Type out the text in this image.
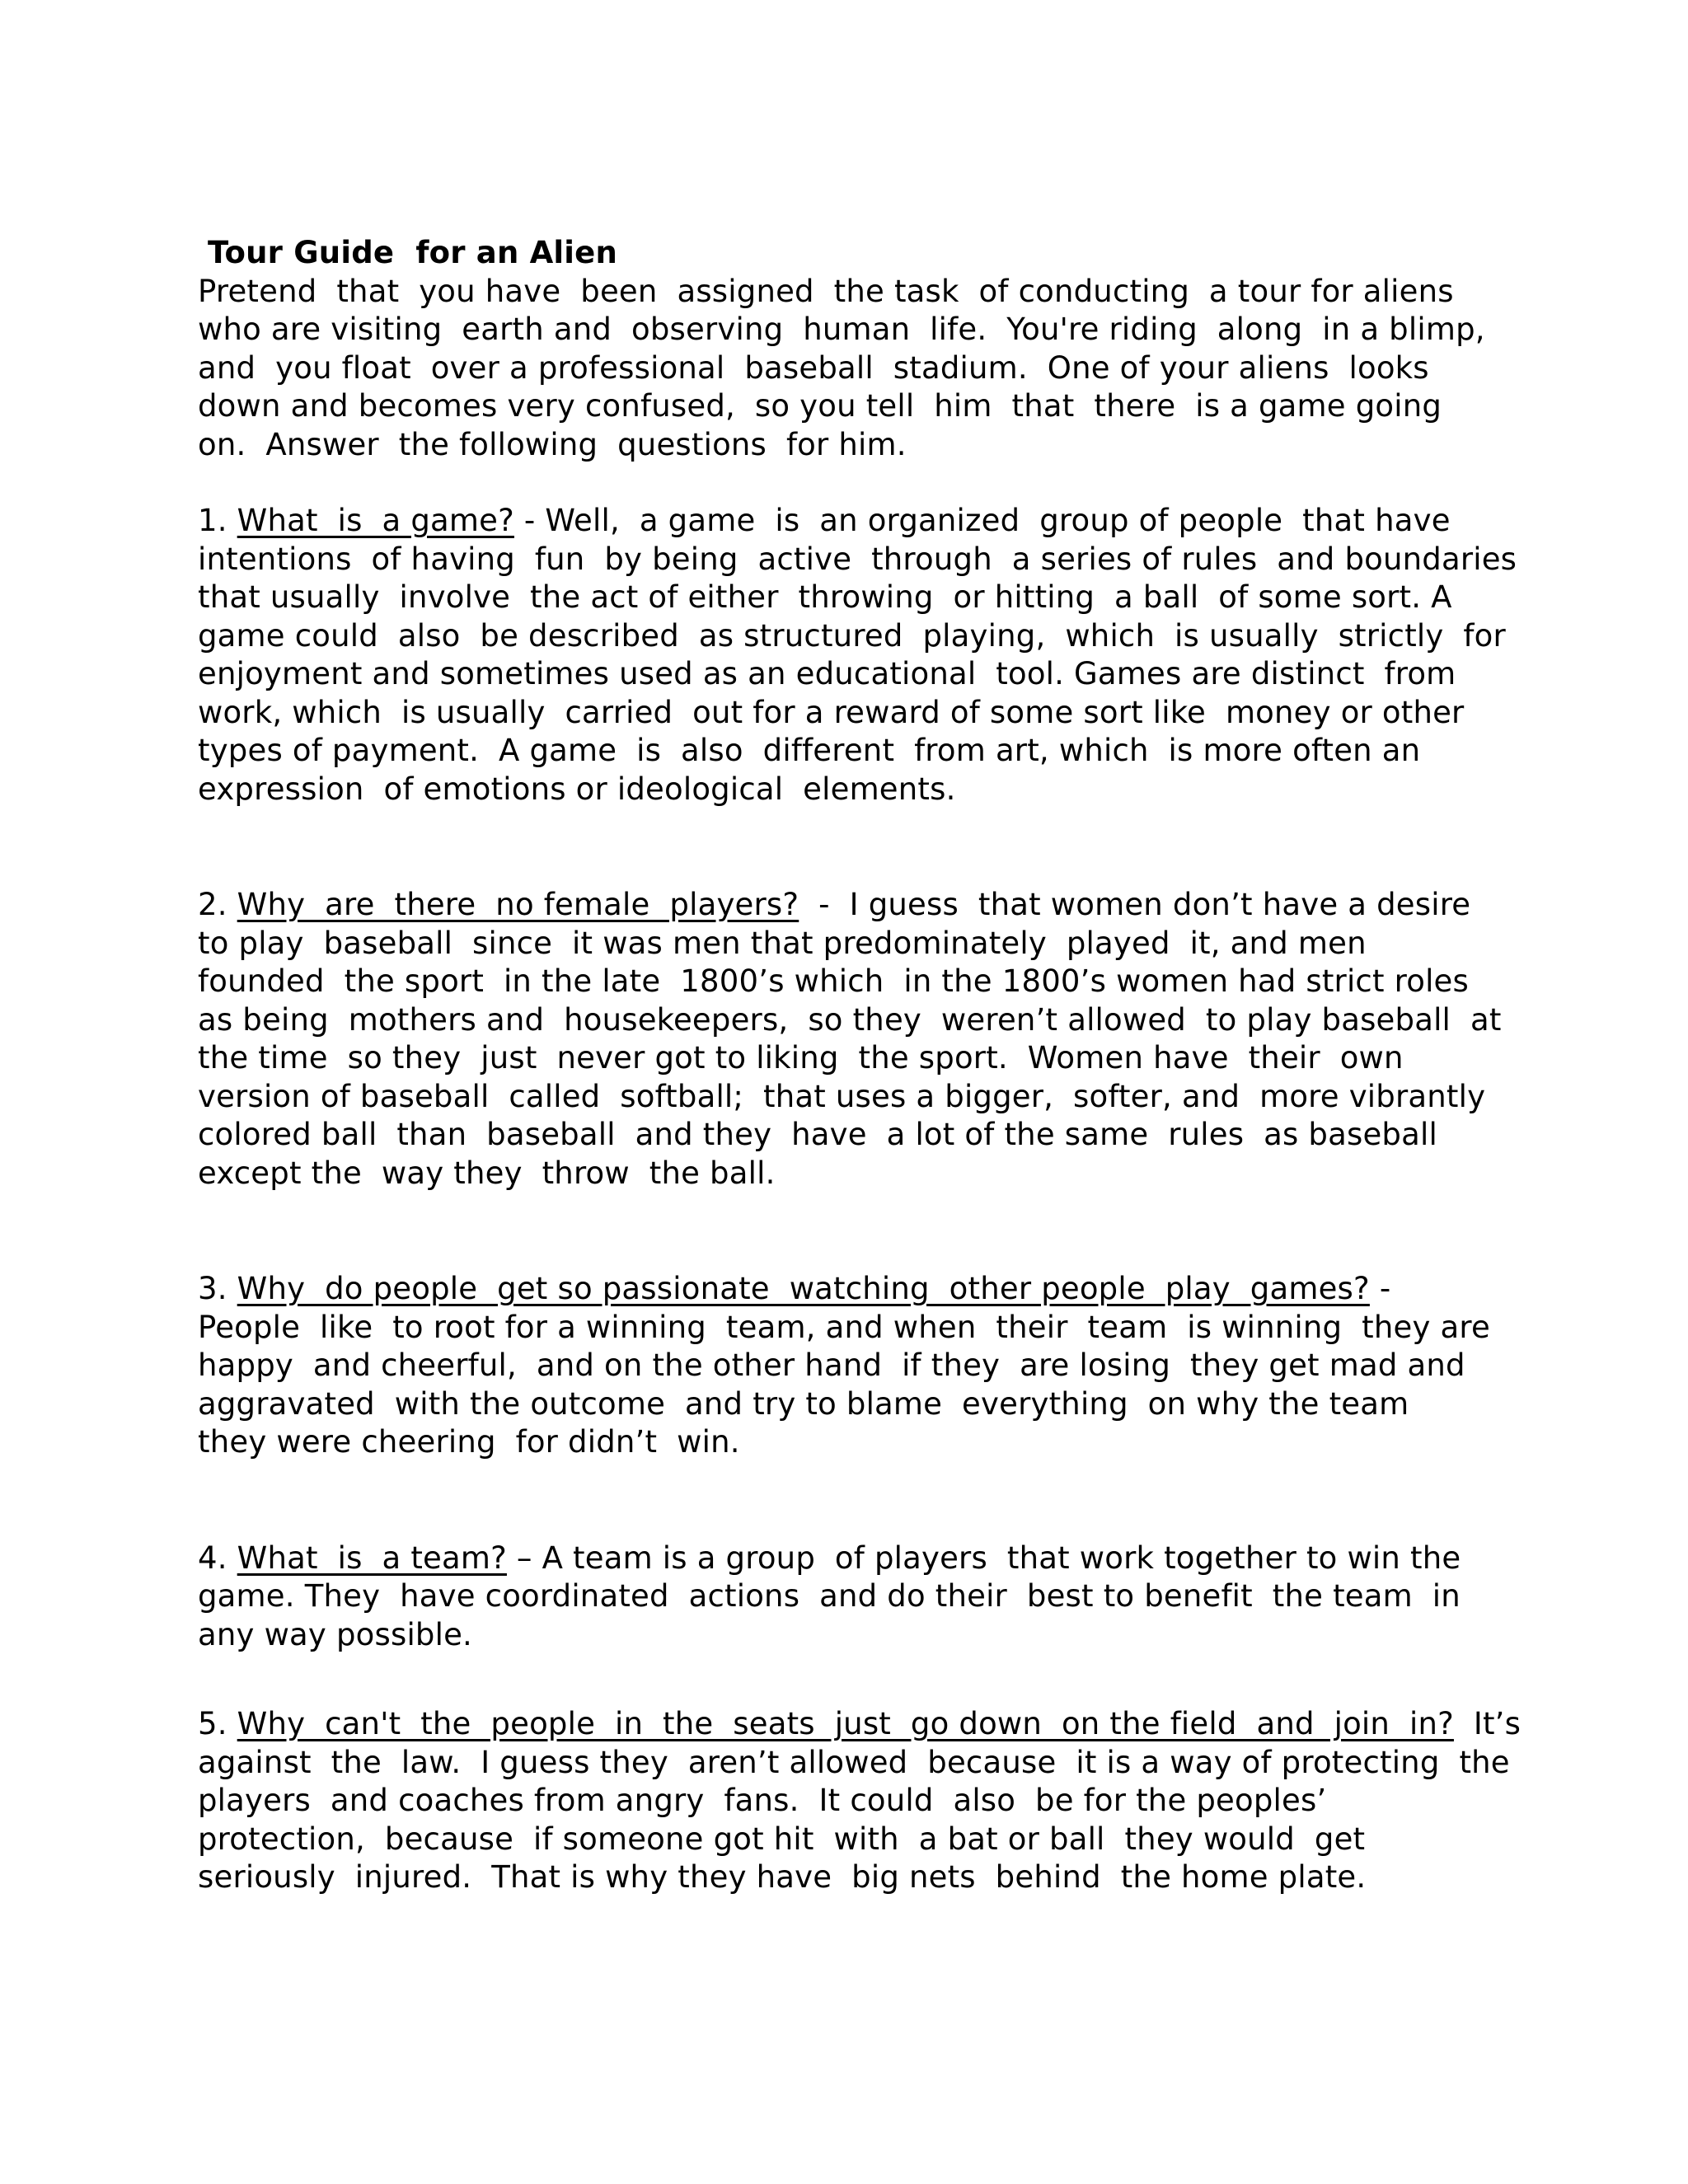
Tour Guide  for an Alien
Pretend  that  you have  been  assigned  the task  of conducting  a tour for aliens
who are visiting  earth and  observing  human  life.  You're riding  along  in a blimp,
and  you float  over a professional  baseball  stadium.  One of your aliens  looks
down and becomes very confused,  so you tell  him  that  there  is a game going
on.  Answer  the following  questions  for him.
1. What  is  a game? - Well,  a game  is  an organized  group of people  that have
intentions  of having  fun  by being  active  through  a series of rules  and boundaries
that usually  involve  the act of either  throwing  or hitting  a ball  of some sort. A
game could  also  be described  as structured  playing,  which  is usually  strictly  for
enjoyment and sometimes used as an educational  tool. Games are distinct  from
work, which  is usually  carried  out for a reward of some sort like  money or other
types of payment.  A game  is  also  different  from art, which  is more often an
expression  of emotions or ideological  elements.
2. Why  are  there  no female  players?  -  I guess  that women don’t have a desire
to play  baseball  since  it was men that predominately  played  it, and men
founded  the sport  in the late  1800’s which  in the 1800’s women had strict roles
as being  mothers and  housekeepers,  so they  weren’t allowed  to play baseball  at
the time  so they  just  never got to liking  the sport.  Women have  their  own
version of baseball  called  softball;  that uses a bigger,  softer, and  more vibrantly
colored ball  than  baseball  and they  have  a lot of the same  rules  as baseball
except the  way they  throw  the ball.
3. Why  do people  get so passionate  watching  other people  play  games? -
People  like  to root for a winning  team, and when  their  team  is winning  they are
happy  and cheerful,  and on the other hand  if they  are losing  they get mad and
aggravated  with the outcome  and try to blame  everything  on why the team
they were cheering  for didn’t  win.
4. What  is  a team? – A team is a group  of players  that work together to win the
game. They  have coordinated  actions  and do their  best to benefit  the team  in
any way possible.
5. Why  can't  the  people  in  the  seats  just  go down  on the field  and  join  in?  It’s
against  the  law.  I guess they  aren’t allowed  because  it is a way of protecting  the
players  and coaches from angry  fans.  It could  also  be for the peoples’
protection,  because  if someone got hit  with  a bat or ball  they would  get
seriously  injured.  That is why they have  big nets  behind  the home plate.
